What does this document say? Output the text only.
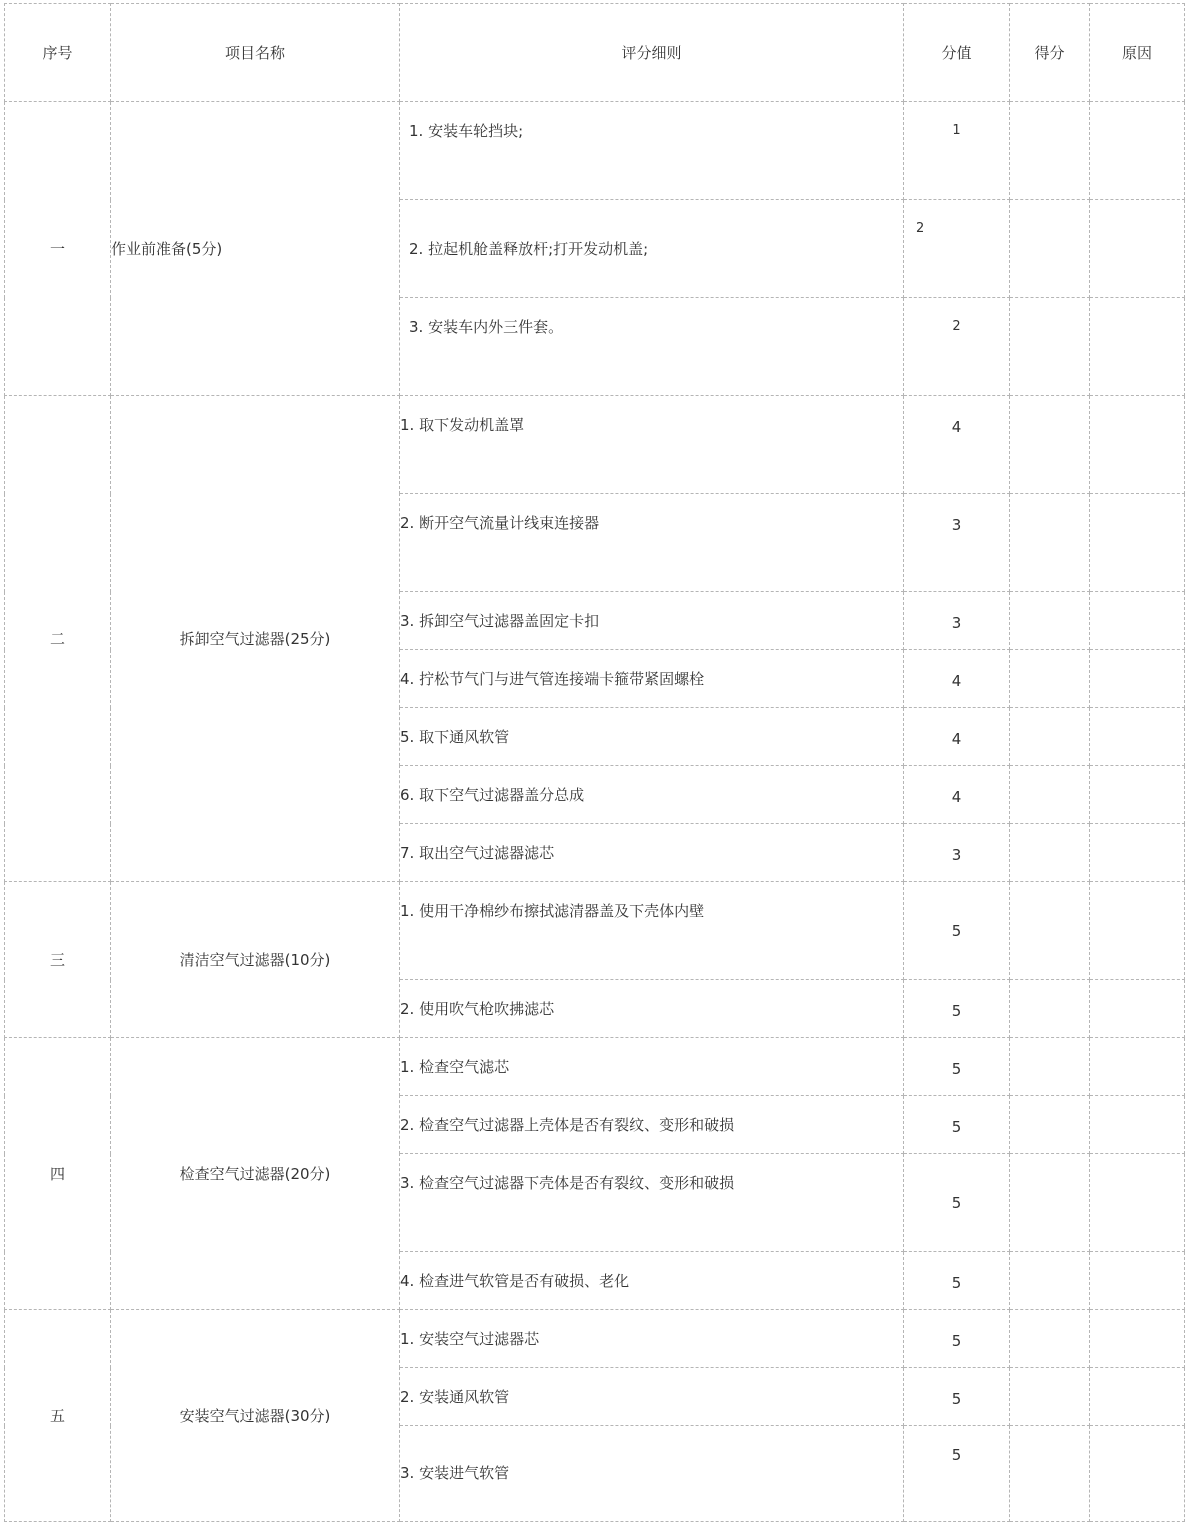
序号	项目名称	评分细则	分值	得分	原因
一	作业前准备(5分)	1. 安装车轮挡块;	1		
		2. 拉起机舱盖释放杆;打开发动机盖;	2		
		3. 安装车内外三件套。	2		
二	拆卸空气过滤器(25分)	1. 取下发动机盖罩	4		
		2. 断开空气流量计线束连接器	3		
		3. 拆卸空气过滤器盖固定卡扣	3		
		4. 拧松节气门与进气管连接端卡箍带紧固螺栓	4		
		5. 取下通风软管	4		
		6. 取下空气过滤器盖分总成	4		
		7. 取出空气过滤器滤芯	3		
三	清洁空气过滤器(10分)	1. 使用干净棉纱布擦拭滤清器盖及下壳体内壁	5		
		2. 使用吹气枪吹拂滤芯	5		
四	检查空气过滤器(20分)	1. 检查空气滤芯	5		
		2. 检查空气过滤器上壳体是否有裂纹、变形和破损	5		
		3. 检查空气过滤器下壳体是否有裂纹、变形和破损	5		
		4. 检查进气软管是否有破损、老化	5		
五	安装空气过滤器(30分)	1. 安装空气过滤器芯	5		
		2. 安装通风软管	5		
		3. 安装进气软管	5		
